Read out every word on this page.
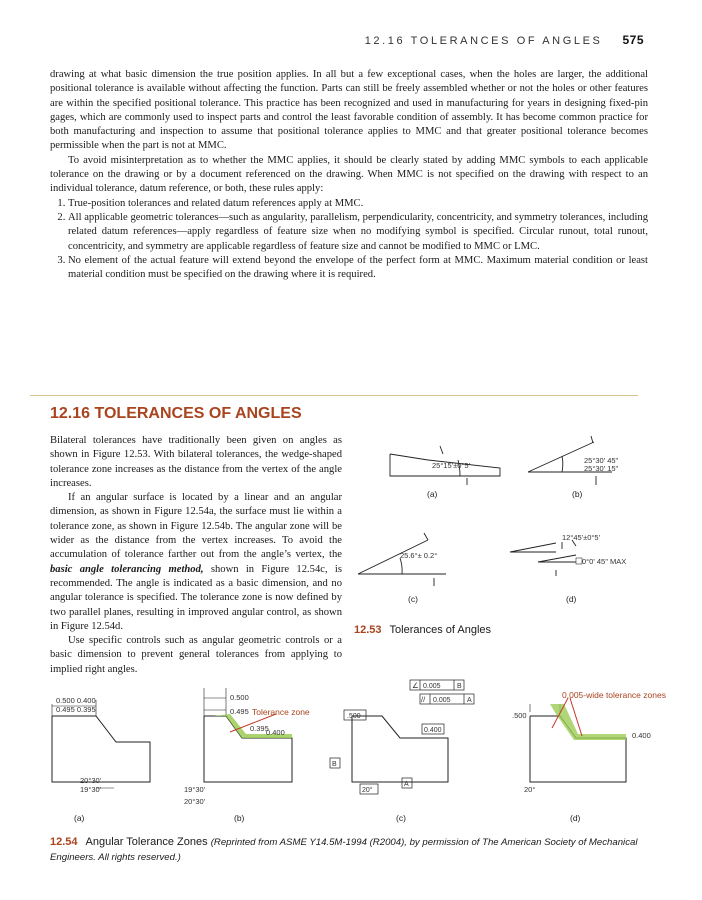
12.16 TOLERANCES OF ANGLES 575

drawing at what basic dimension the true position applies. In all but a few exceptional cases, when the holes are larger, the additional positional tolerance is available without affecting the function. Parts can still be freely assembled whether or not the holes or other features are within the specified positional tolerance. This practice has been recognized and used in manufacturing for years in designing fixed-pin gages, which are commonly used to inspect parts and control the least favorable condition of assembly. It has become common practice for both manufacturing and inspection to assume that positional tolerance applies to MMC and that greater positional tolerance becomes permissible when the part is not at MMC.

To avoid misinterpretation as to whether the MMC applies, it should be clearly stated by adding MMC symbols to each applicable tolerance on the drawing or by a document referenced on the drawing. When MMC is not specified on the drawing with respect to an individual tolerance, datum reference, or both, these rules apply:

1. True-position tolerances and related datum references apply at MMC.
2. All applicable geometric tolerances—such as angularity, parallelism, perpendicularity, concentricity, and symmetry tolerances, including related datum references—apply regardless of feature size when no modifying symbol is specified. Circular runout, total runout, concentricity, and symmetry are applicable regardless of feature size and cannot be modified to MMC or LMC.
3. No element of the actual feature will extend beyond the envelope of the perfect form at MMC. Maximum material condition or least material condition must be specified on the drawing where it is required.
12.16 TOLERANCES OF ANGLES

Bilateral tolerances have traditionally been given on angles as shown in Figure 12.53. With bilateral tolerances, the wedge-shaped tolerance zone increases as the distance from the vertex of the angle increases.

If an angular surface is located by a linear and an angular dimension, as shown in Figure 12.54a, the surface must lie within a tolerance zone, as shown in Figure 12.54b. The angular zone will be wider as the distance from the vertex increases. To avoid the accumulation of tolerance farther out from the angle’s vertex, the basic angle tolerancing method, shown in Figure 12.54c, is recommended. The angle is indicated as a basic dimension, and no angular tolerance is specified. The tolerance zone is now defined by two parallel planes, resulting in improved angular control, as shown in Figure 12.54d.

Use specific controls such as angular geometric controls or a basic dimension to prevent general tolerances from applying to implied right angles.

25°15'±0°5'
25°30' 45"
25°30' 15"
25.6°± 0.2°
12°45'±0°5'
0°0' 45" MAX
(a)	(b)
(c)	(d)
12.53 Tolerances of Angles
0.500 0.400
0.495 0.395
20°30'
19°30'
(a)
0.500
0.495
0.395
0.400
19°30'
20°30'
Tolerance zone
(b)
∠ 0.005 B
// 0.005 A
.500
0.400
20°
B
A
(c)
0.005-wide tolerance zones
.500
0.400
20°
(d)
12.54 Angular Tolerance Zones (Reprinted from ASME Y14.5M-1994 (R2004), by permission of The American Society of Mechanical Engineers. All rights reserved.)
